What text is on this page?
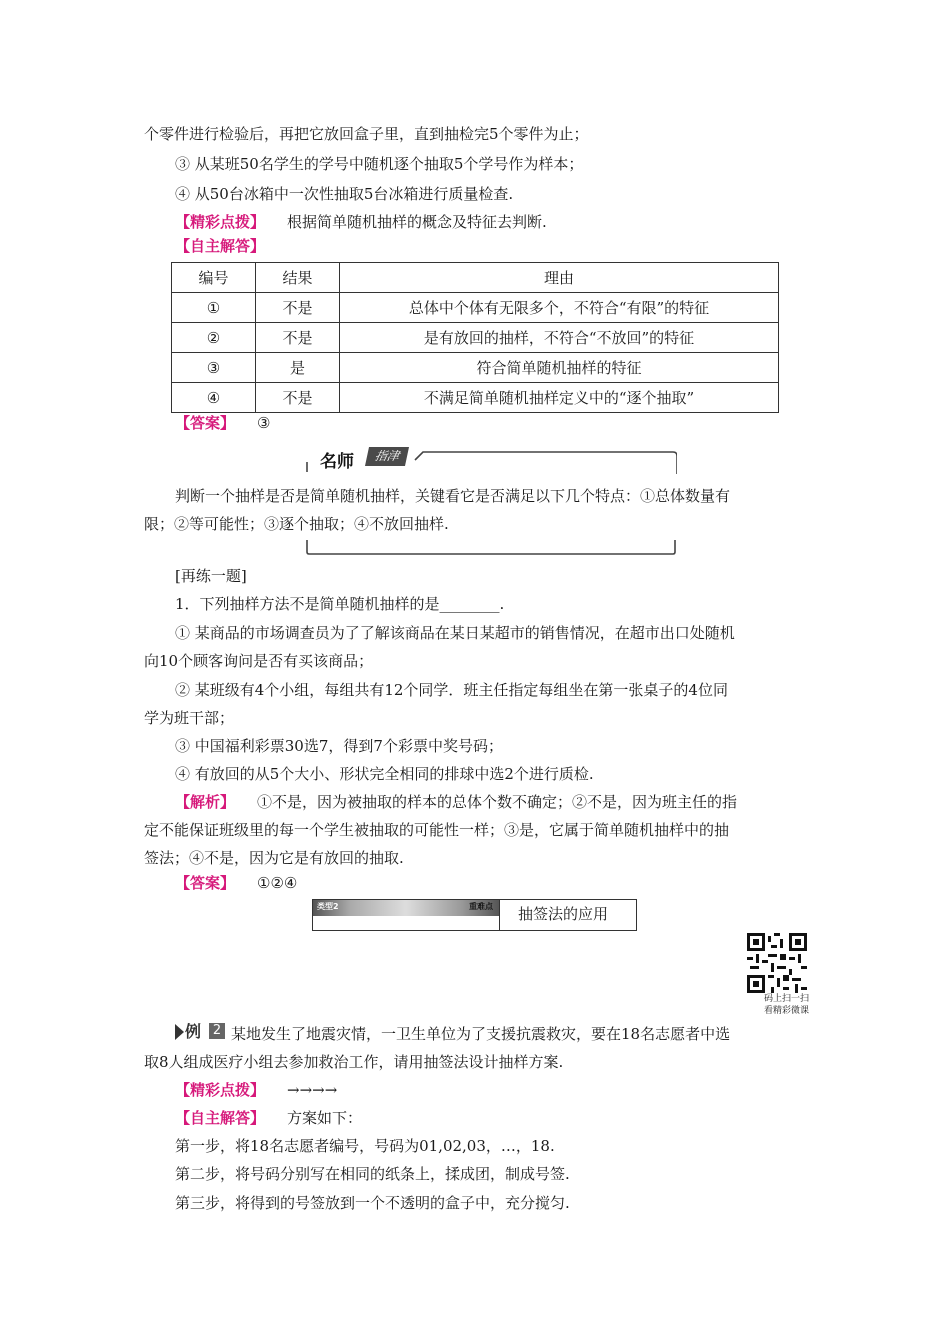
个零件进行检验后，再把它放回盒子里，直到抽检完5个零件为止；
③ 从某班50名学生的学号中随机逐个抽取5个学号作为样本；
④ 从50台冰箱中一次性抽取5台冰箱进行质量检查.
【精彩点拨】 根据简单随机抽样的概念及特征去判断.
【自主解答】
编号	结果	理由
①	不是	总体中个体有无限多个，不符合“有限”的特征
②	不是	是有放回的抽样，不符合“不放回”的特征
③	是	符合简单随机抽样的特征
④	不是	不满足简单随机抽样定义中的“逐个抽取”
【答案】 ③
名师	指津
判断一个抽样是否是简单随机抽样，关键看它是否满足以下几个特点：①总体数量有
限；②等可能性；③逐个抽取；④不放回抽样.
[再练一题]
1．下列抽样方法不是简单随机抽样的是________.
① 某商品的市场调查员为了了解该商品在某日某超市的销售情况，在超市出口处随机
向10个顾客询问是否有买该商品；
② 某班级有4个小组，每组共有12个同学．班主任指定每组坐在第一张桌子的4位同
学为班干部；
③ 中国福利彩票30选7，得到7个彩票中奖号码；
④ 有放回的从5个大小、形状完全相同的排球中选2个进行质检.
【解析】 ①不是，因为被抽取的样本的总体个数不确定；②不是，因为班主任的指
定不能保证班级里的每一个学生被抽取的可能性一样；③是，它属于简单随机抽样中的抽
签法；④不是，因为它是有放回的抽取.
【答案】 ①②④
类型2	重难点 抽签法的应用
码上扫一扫
看精彩微课
例 2 某地发生了地震灾情，一卫生单位为了支援抗震救灾，要在18名志愿者中选
取8人组成医疗小组去参加救治工作，请用抽签法设计抽样方案.
【精彩点拨】 →→→→
【自主解答】 方案如下：
第一步，将18名志愿者编号，号码为01,02,03，…，18.
第二步，将号码分别写在相同的纸条上，揉成团，制成号签.
第三步，将得到的号签放到一个不透明的盒子中，充分搅匀.
